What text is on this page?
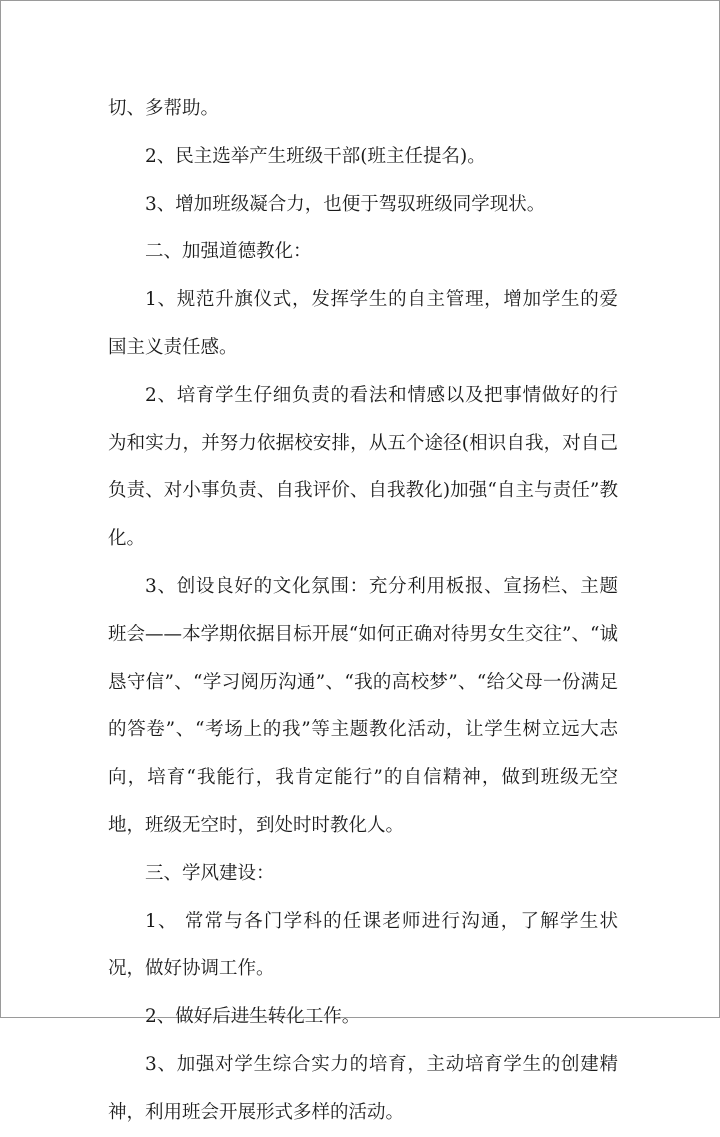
切、多帮助。

2、民主选举产生班级干部(班主任提名)。

3、增加班级凝合力，也便于驾驭班级同学现状。

二、加强道德教化：

1、规范升旗仪式，发挥学生的自主管理，增加学生的爱国主义责任感。

2、培育学生仔细负责的看法和情感以及把事情做好的行为和实力，并努力依据校安排，从五个途径(相识自我，对自己负责、对小事负责、自我评价、自我教化)加强“自主与责任”教化。

3、创设良好的文化氛围：充分利用板报、宣扬栏、主题班会——本学期依据目标开展“如何正确对待男女生交往”、“诚恳守信”、“学习阅历沟通”、“我的高校梦”、“给父母一份满足的答卷”、“考场上的我”等主题教化活动，让学生树立远大志向，培育“我能行，我肯定能行”的自信精神，做到班级无空地，班级无空时，到处时时教化人。

三、学风建设：

1、 常常与各门学科的任课老师进行沟通，了解学生状况，做好协调工作。

2、做好后进生转化工作。

3、加强对学生综合实力的培育，主动培育学生的创建精神，利用班会开展形式多样的活动。
